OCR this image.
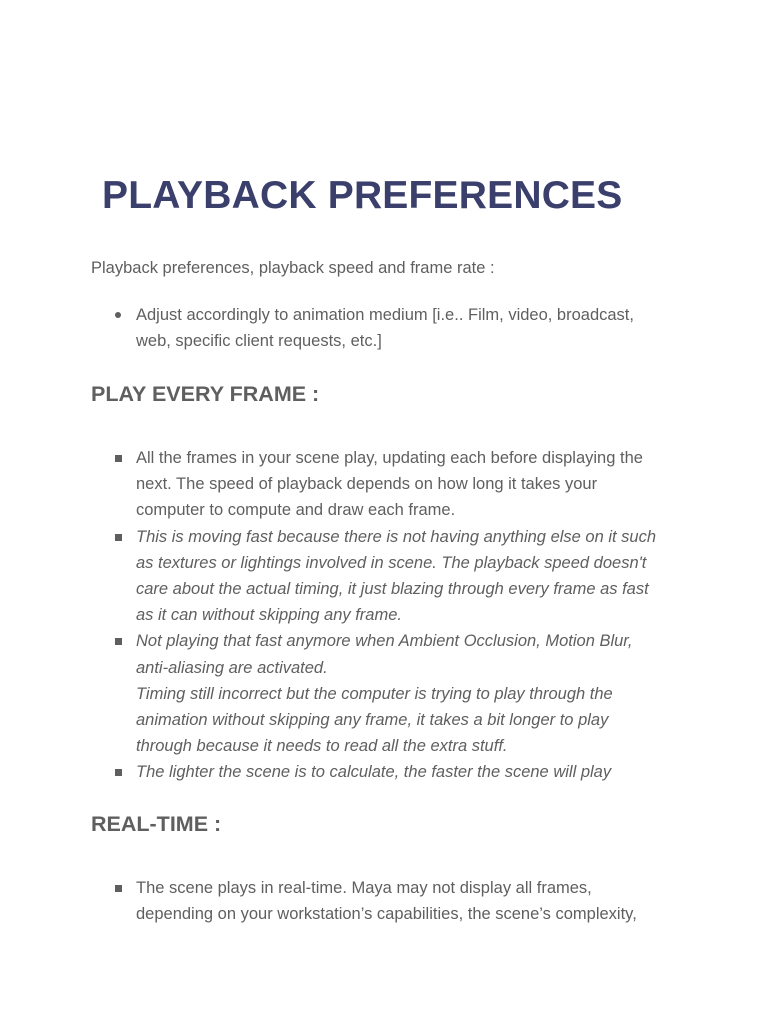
PLAYBACK PREFERENCES

Playback preferences, playback speed and frame rate :

Adjust accordingly to animation medium [i.e.. Film, video, broadcast,
web, specific client requests, etc.]
PLAY EVERY FRAME :
All the frames in your scene play, updating each before displaying the
next. The speed of playback depends on how long it takes your
computer to compute and draw each frame.
This is moving fast because there is not having anything else on it such
as textures or lightings involved in scene. The playback speed doesn't
care about the actual timing, it just blazing through every frame as fast
as it can without skipping any frame.
Not playing that fast anymore when Ambient Occlusion, Motion Blur,
anti-aliasing are activated.
Timing still incorrect but the computer is trying to play through the
animation without skipping any frame, it takes a bit longer to play
through because it needs to read all the extra stuff.
The lighter the scene is to calculate, the faster the scene will play
REAL-TIME :
The scene plays in real-time. Maya may not display all frames,
depending on your workstation’s capabilities, the scene’s complexity,
